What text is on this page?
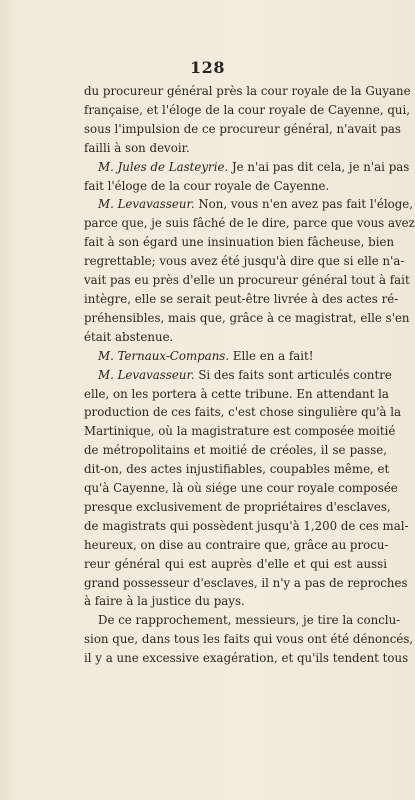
128
du procureur général près la cour royale de la Guyane
française, et l'éloge de la cour royale de Cayenne, qui,
sous l'impulsion de ce procureur général, n'avait pas
failli à son devoir.
M. Jules de Lasteyrie. Je n'ai pas dit cela, je n'ai pas
fait l'éloge de la cour royale de Cayenne.
M. Levavasseur. Non, vous n'en avez pas fait l'éloge,
parce que, je suis fâché de le dire, parce que vous avez
fait à son égard une insinuation bien fâcheuse, bien
regrettable; vous avez été jusqu'à dire que si elle n'a-
vait pas eu près d'elle un procureur général tout à fait
intègre, elle se serait peut-être livrée à des actes ré-
préhensibles, mais que, grâce à ce magistrat, elle s'en
était abstenue.
M. Ternaux-Compans. Elle en a fait!
M. Levavasseur. Si des faits sont articulés contre
elle, on les portera à cette tribune. En attendant la
production de ces faits, c'est chose singulière qu'à la
Martinique, où la magistrature est composée moitié
de métropolitains et moitié de créoles, il se passe,
dit-on, des actes injustifiables, coupables même, et
qu'à Cayenne, là où siége une cour royale composée
presque exclusivement de propriétaires d'esclaves,
de magistrats qui possèdent jusqu'à 1,200 de ces mal-
heureux, on dise au contraire que, grâce au procu-
reur général qui est auprès d'elle et qui est aussi
grand possesseur d'esclaves, il n'y a pas de reproches
à faire à la justice du pays.
De ce rapprochement, messieurs, je tire la conclu-
sion que, dans tous les faits qui vous ont été dénoncés,
il y a une excessive exagération, et qu'ils tendent tous
